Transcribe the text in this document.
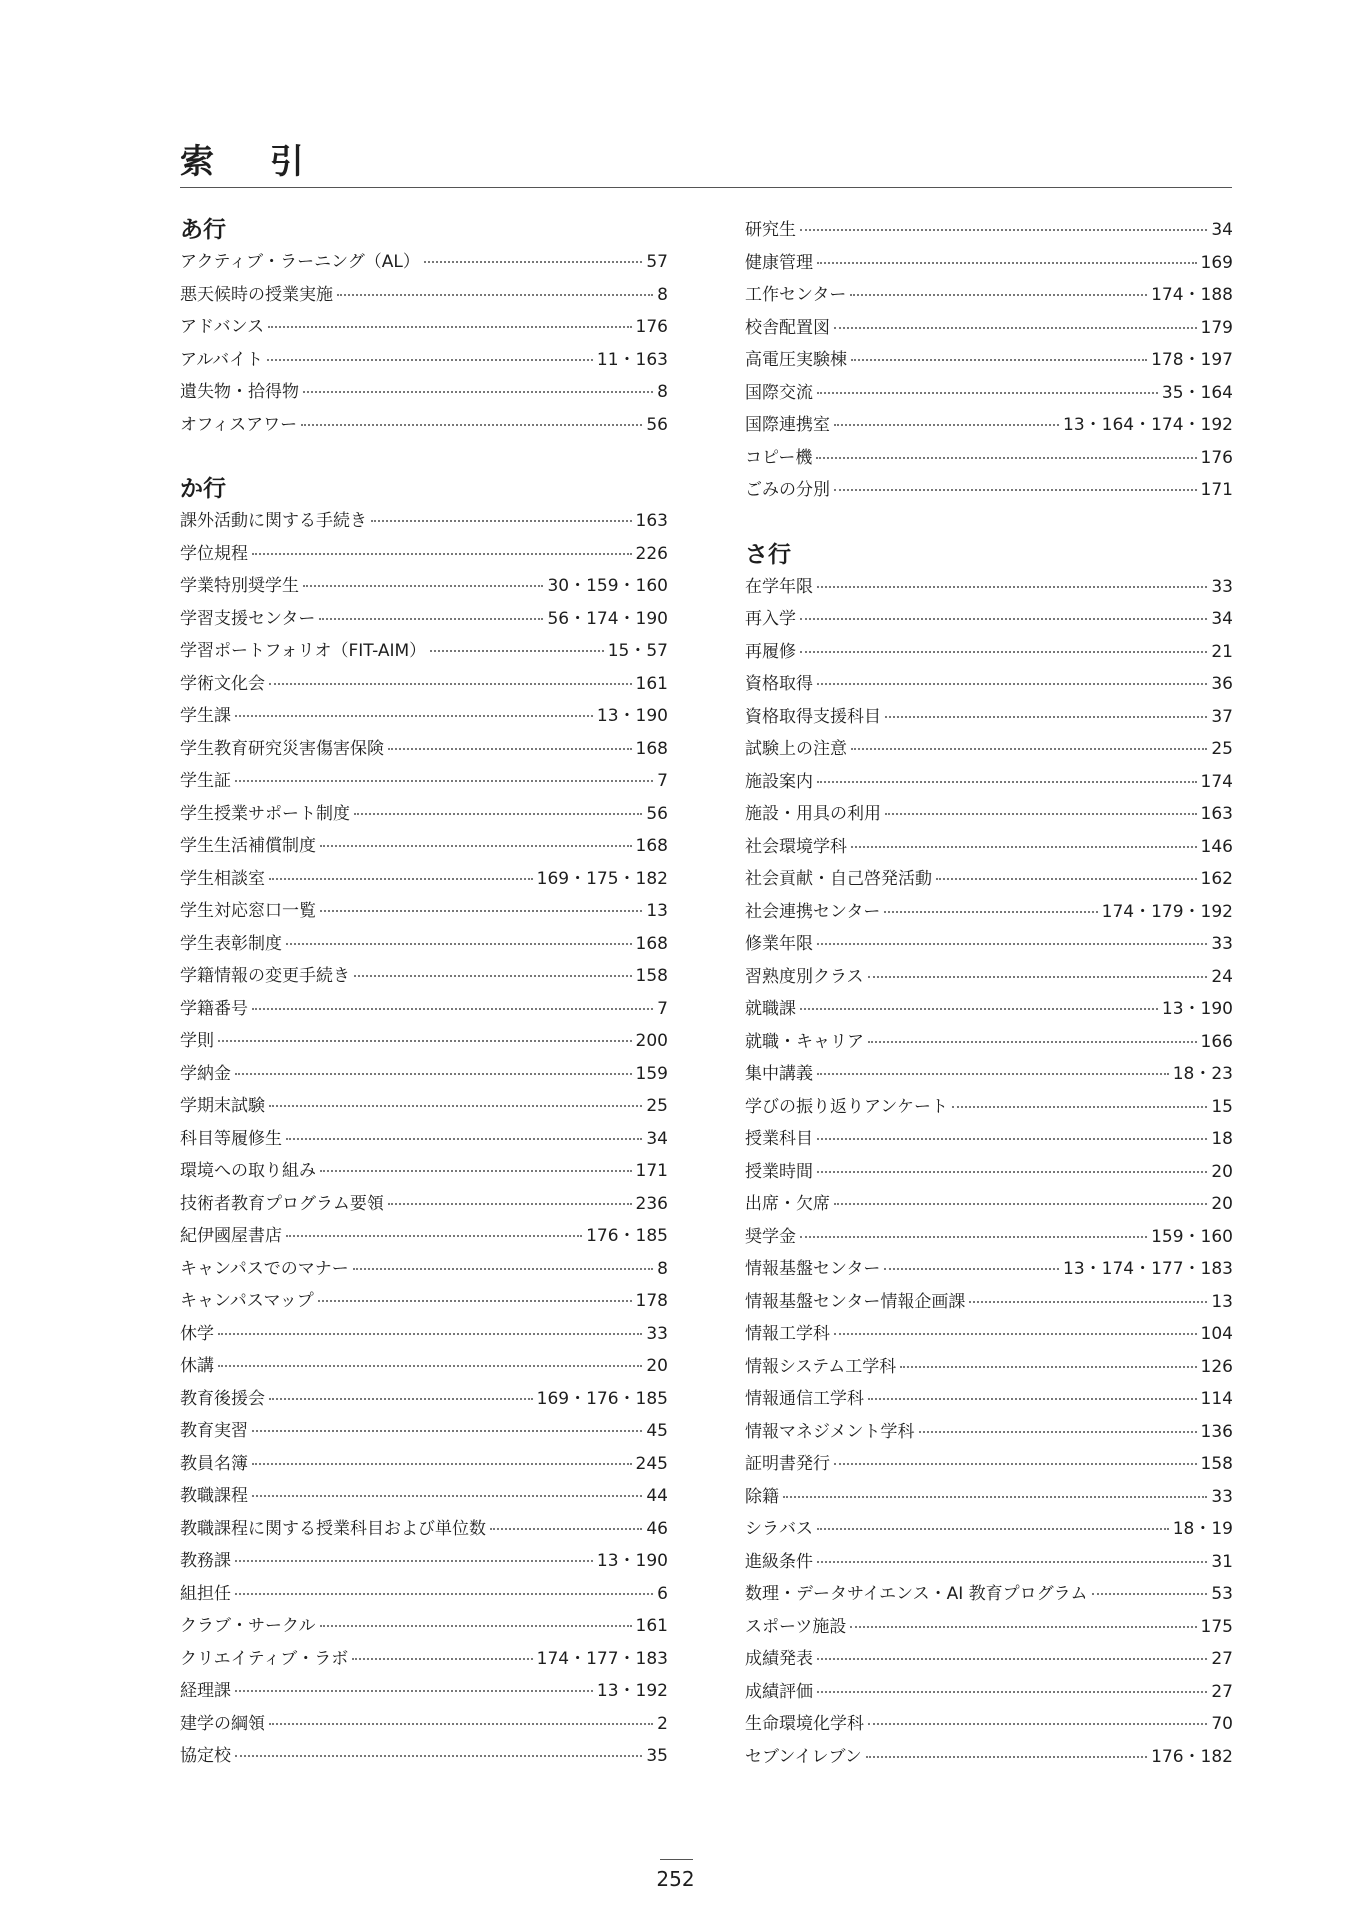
索 引
あ行
アクティブ・ラーニング（AL）	57
悪天候時の授業実施	8
アドバンス	176
アルバイト	11・163
遺失物・拾得物	8
オフィスアワー	56
か行
課外活動に関する手続き	163
学位規程	226
学業特別奨学生	30・159・160
学習支援センター	56・174・190
学習ポートフォリオ（FIT-AIM）	15・57
学術文化会	161
学生課	13・190
学生教育研究災害傷害保険	168
学生証	7
学生授業サポート制度	56
学生生活補償制度	168
学生相談室	169・175・182
学生対応窓口一覧	13
学生表彰制度	168
学籍情報の変更手続き	158
学籍番号	7
学則	200
学納金	159
学期末試験	25
科目等履修生	34
環境への取り組み	171
技術者教育プログラム要領	236
紀伊國屋書店	176・185
キャンパスでのマナー	8
キャンパスマップ	178
休学	33
休講	20
教育後援会	169・176・185
教育実習	45
教員名簿	245
教職課程	44
教職課程に関する授業科目および単位数	46
教務課	13・190
組担任	6
クラブ・サークル	161
クリエイティブ・ラボ	174・177・183
経理課	13・192
建学の綱領	2
協定校	35
研究生	34
健康管理	169
工作センター	174・188
校舎配置図	179
高電圧実験棟	178・197
国際交流	35・164
国際連携室	13・164・174・192
コピー機	176
ごみの分別	171
さ行
在学年限	33
再入学	34
再履修	21
資格取得	36
資格取得支援科目	37
試験上の注意	25
施設案内	174
施設・用具の利用	163
社会環境学科	146
社会貢献・自己啓発活動	162
社会連携センター	174・179・192
修業年限	33
習熟度別クラス	24
就職課	13・190
就職・キャリア	166
集中講義	18・23
学びの振り返りアンケート	15
授業科目	18
授業時間	20
出席・欠席	20
奨学金	159・160
情報基盤センター	13・174・177・183
情報基盤センター情報企画課	13
情報工学科	104
情報システム工学科	126
情報通信工学科	114
情報マネジメント学科	136
証明書発行	158
除籍	33
シラバス	18・19
進級条件	31
数理・データサイエンス・AI 教育プログラム	53
スポーツ施設	175
成績発表	27
成績評価	27
生命環境化学科	70
セブンイレブン	176・182
252
